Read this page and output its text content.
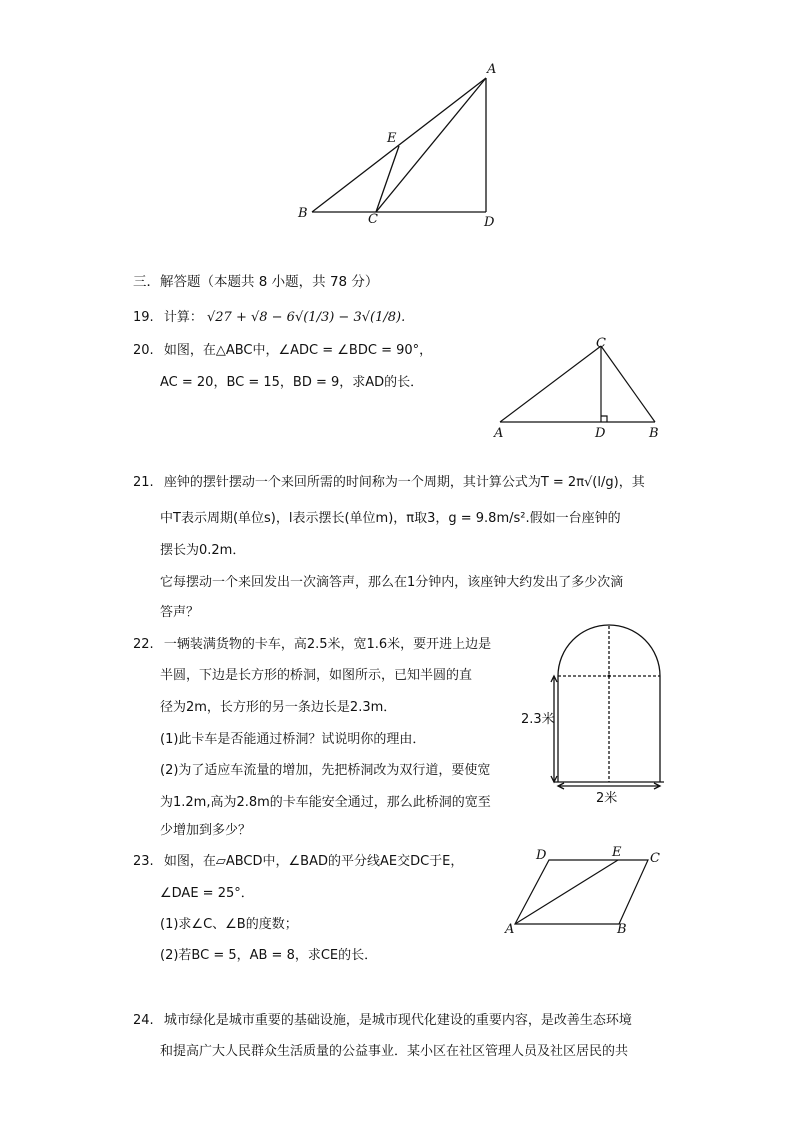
A
E
B	C	D
三．解答题（本题共 8 小题，共 78 分）
19. 计算： √27 + √8 − 6√(1/3) − 3√(1/8).
20. 如图，在△ABC中，∠ADC = ∠BDC = 90°，
AC = 20，BC = 15，BD = 9，求AD的长．
C
A	D	B
21. 座钟的摆针摆动一个来回所需的时间称为一个周期，其计算公式为T = 2π√(l/g)，其
中T表示周期(单位s)，l表示摆长(单位m)，π取3，g = 9.8m/s².假如一台座钟的
摆长为0.2m．
它每摆动一个来回发出一次滴答声，那么在1分钟内，该座钟大约发出了多少次滴
答声？
22. 一辆装满货物的卡车，高2.5米，宽1.6米，要开进上边是
半圆，下边是长方形的桥洞，如图所示，已知半圆的直
径为2m，长方形的另一条边长是2.3m．
(1)此卡车是否能通过桥洞？试说明你的理由．
(2)为了适应车流量的增加，先把桥洞改为双行道，要使宽
为1.2m,高为2.8m的卡车能安全通过，那么此桥洞的宽至
少增加到多少？
2.3米
2米
23. 如图，在▱ABCD中，∠BAD的平分线AE交DC于E，
∠DAE = 25°．
(1)求∠C、∠B的度数；
(2)若BC = 5，AB = 8，求CE的长．
D	E C
A	B
24. 城市绿化是城市重要的基础设施，是城市现代化建设的重要内容，是改善生态环境
和提高广大人民群众生活质量的公益事业．某小区在社区管理人员及社区居民的共
